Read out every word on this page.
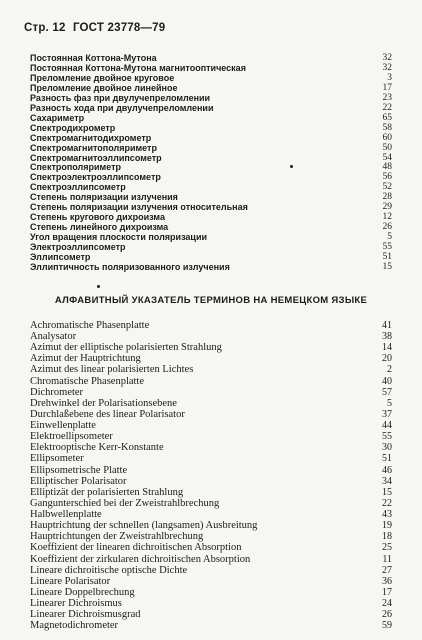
Стр. 12 ГОСТ 23778—79
Постоянная Коттона-Мутона	32
Постоянная Коттона-Мутона магнитооптическая	32
Преломление двойное круговое	3
Преломление двойное линейное	17
Разность фаз при двулучепреломлении	23
Разность хода при двулучепреломлении	22
Сахариметр	65
Спектродихрометр	58
Спектромагнитодихрометр	60
Спектромагнитополяриметр	50
Спектромагнитоэллипсометр	54
Спектрополяриметр	48
Спектроэлектроэллипсометр	56
Спектроэллипсометр	52
Степень поляризации излучения	28
Степень поляризации излучения относительная	29
Степень кругового дихроизма	12
Степень линейного дихроизма	26
Угол вращения плоскости поляризации	5
Электроэллипсометр	55
Эллипсометр	51
Эллиптичность поляризованного излучения	15
АЛФАВИТНЫЙ УКАЗАТЕЛЬ ТЕРМИНОВ НА НЕМЕЦКОМ ЯЗЫКЕ
Achromatische Phasenplatte	41
Analysator	38
Azimut der elliptische polarisierten Strahlung	14
Azimut der Hauptrichtung	20
Azimut des linear polarisierten Lichtes	2
Chromatische Phasenplatte	40
Dichrometer	57
Drehwinkel der Polarisationsebene	5
Durchlaßebene des linear Polarisator	37
Einwellenplatte	44
Elektroellipsometer	55
Elektrooptische Kerr-Konstante	30
Ellipsometer	51
Ellipsometrische Platte	46
Elliptischer Polarisator	34
Elliptizät der polarisierten Strahlung	15
Gangunterschied bei der Zweistrahlbrechung	22
Halbwellenplatte	43
Hauptrichtung der schnellen (langsamen) Ausbreitung	19
Hauptrichtungen der Zweistrahlbrechung	18
Koeffizient der linearen dichroitischen Absorption	25
Koeffizient der zirkularen dichroitischen Absorption	11
Lineare dichroitische optische Dichte	27
Lineare Polarisator	36
Lineare Doppelbrechung	17
Linearer Dichroismus	24
Linearer Dichroismusgrad	26
Magnetodichrometer	59
